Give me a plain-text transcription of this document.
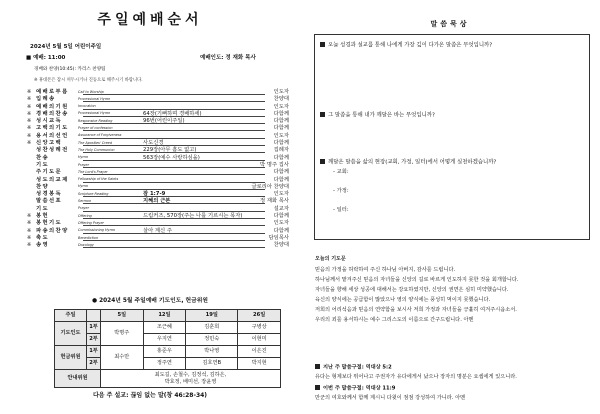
주일예배순서
2024년 5월 5일 어린이주일
■ 예배: 11:00	예배인도: 정 재화 목사
경배와 찬양(10:45): 카리스 찬양팀
※ 휴대폰은 잠시 꺼두시거나 진동으로 해주시기 바랍니다.
※ 예배로부름	Call to Worship	인도자
※ 입례송	Processional Hymn	찬양대
※ 예배의기원	Invocation	인도자
※ 경배의찬송	Processional Hymn	64장(기뻐하며 경배하세)	다함께
※ 성시교독	Responsive Reading	96번(어린이주일)	다함께
※ 고백의기도	Prayer of confession	다함께
※ 용서의선언	Assurance of Forgiveness	인도자
※ 신앙고백	The Apostles' Creed	사도신경	다함께
성찬성례전	The Holy Communion	229장(아무 흠도 없고)	집례자
찬송	Hymn	563장(예수 사랑하심을)	다함께
기도	Prayer	박 명주 집사
주기도문	The Lord's Prayer	다함께
성도의교제	Fellowship of the Saints	다함께
찬양	Hymn	글로리아 찬양대
성경봉독	Scripture Reading	잠 1:7-9	인도자
말씀선포	Sermon	지혜의 근본	정 재화 목사
기도	Prayer	설교자
※ 봉헌	Offering	드림커즈, 570장(주는 나를 기르시는 목자)	다함께
※ 봉헌기도	Offering Prayer	인도자
※ 파송의찬양	Commissioning Hymn	살아 계신 주	다함께
※ 축도	Benediction	담임목사
※ 송영	Doxology	찬양대
● 2024년 5월 주일예배 기도인도, 헌금위원
주일		5일	12일	19일	26일
기도인도	1부	박명주	조근혜	김훈희	구병상
	2부		우지연	정민숙	이현미
헌금위원	1부	최수만	홍준우	박나영	이은진
	2부		정주연	김호연B	박지현
안내위원		최도길, 손철수, 김정석, 김하은,
박효정, 배미선, 장윤영			
다음 주 설교: 끊임 없는 말(창 46:28-34)
말씀묵상
오늘 성경과 설교를 통해 나에게 가장 깊이 다가온 말씀은 무엇입니까?
그 말씀을 통해 내가 깨달은 바는 무엇입니까?
깨달은 말씀을 삶의 현장(교회, 가정, 일터)에서 어떻게 실천하겠습니까?
- 교회:
- 가정:
- 일터:
오늘의 기도문
믿음의 가정을 허락하여 주신 하나님 아버지, 감사를 드립니다.
하나님께서 맡겨주신 믿음의 자녀들을 신앙의 길로 바르게 인도하지 못한 것을 회개합니다.
자녀들을 향해 세상 성공에 대해서는 강요하였지만, 신앙의 권면은 심히 미약했습니다.
육신의 양식에는 공급함이 많았으나 영의 양식에는 풍성히 먹이지 못했습니다.
저희의 어리석음과 믿음의 연약함을 보시사 저희 가정과 자녀들을 긍휼히 여겨주시옵소서.
우리의 죄를 용서하시는 예수 그리스도의 이름으로 간구드립니다. 아멘
지난 주 말씀구절: 역대상 5:2
유다는 형제보다 뛰어나고 주권자가 유다에게서 났으나 장자의 명분은 요셉에게 있으니라.
이번 주 말씀구절: 역대상 11:9
만군의 여호와께서 함께 계시니 다윗이 점점 강성하여 가니라. 아멘
